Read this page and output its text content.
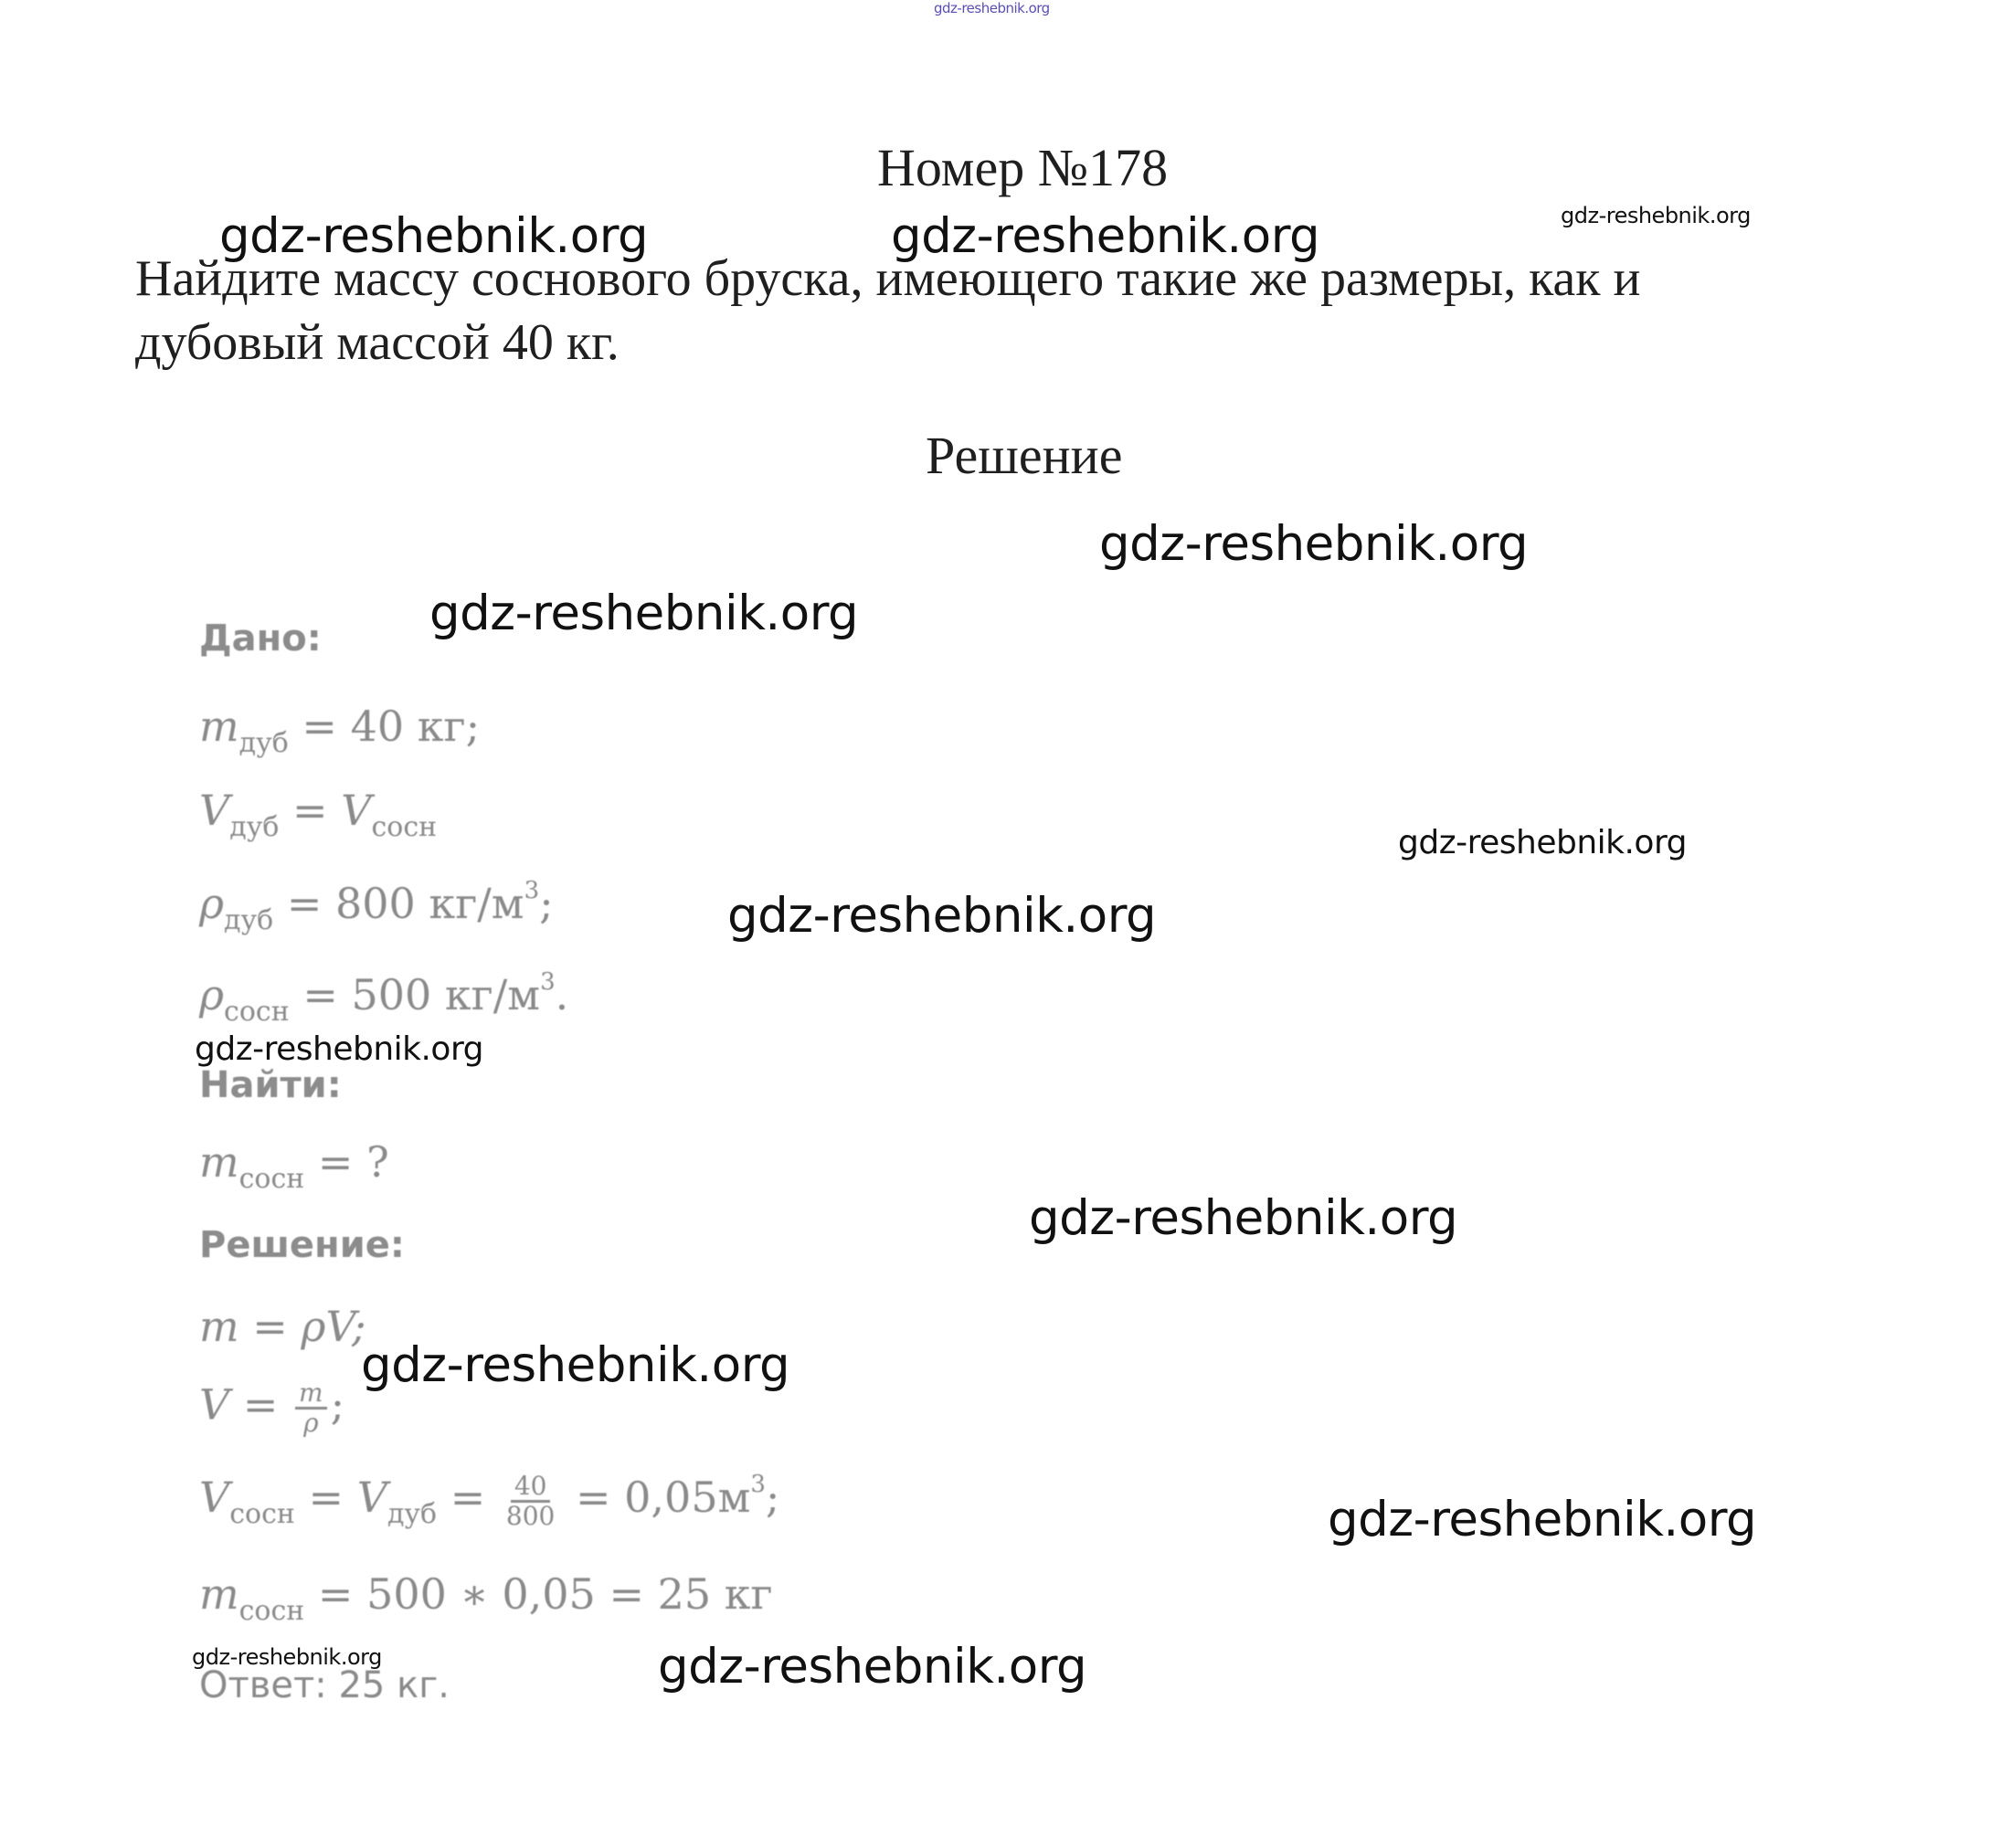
gdz-reshebnik.org
Номер №178
Найдите массу соснового бруска, имеющего такие же размеры, как и дубовый массой 40 кг.
Решение
Дано:
$m_{дуб} = 40$ кг;
$V_{дуб} = V_{сосн}$
$\rho_{дуб} = 800$ $кг/м^3$;
$\rho_{сосн} = 500$ $кг/м^3$.
Найти:
$m_{сосн}$ = ?
Решение:
m = ρV;
$V = \frac{m}{\rho}$ ;
$V_{сосн} = V_{дуб} = \frac{40}{800} = 0,05м^3$;
$m_{сосн} = 500$ ∗ 0,05 = 25 кг
Ответ: 25 кг.
gdz-reshebnik.org	gdz-reshebnik.org	gdz-reshebnik.org
gdz-reshebnik.org
gdz-reshebnik.org
gdz-reshebnik.org
gdz-reshebnik.org
gdz-reshebnik.org
gdz-reshebnik.org
gdz-reshebnik.org
gdz-reshebnik.org
gdz-reshebnik.org	gdz-reshebnik.org
